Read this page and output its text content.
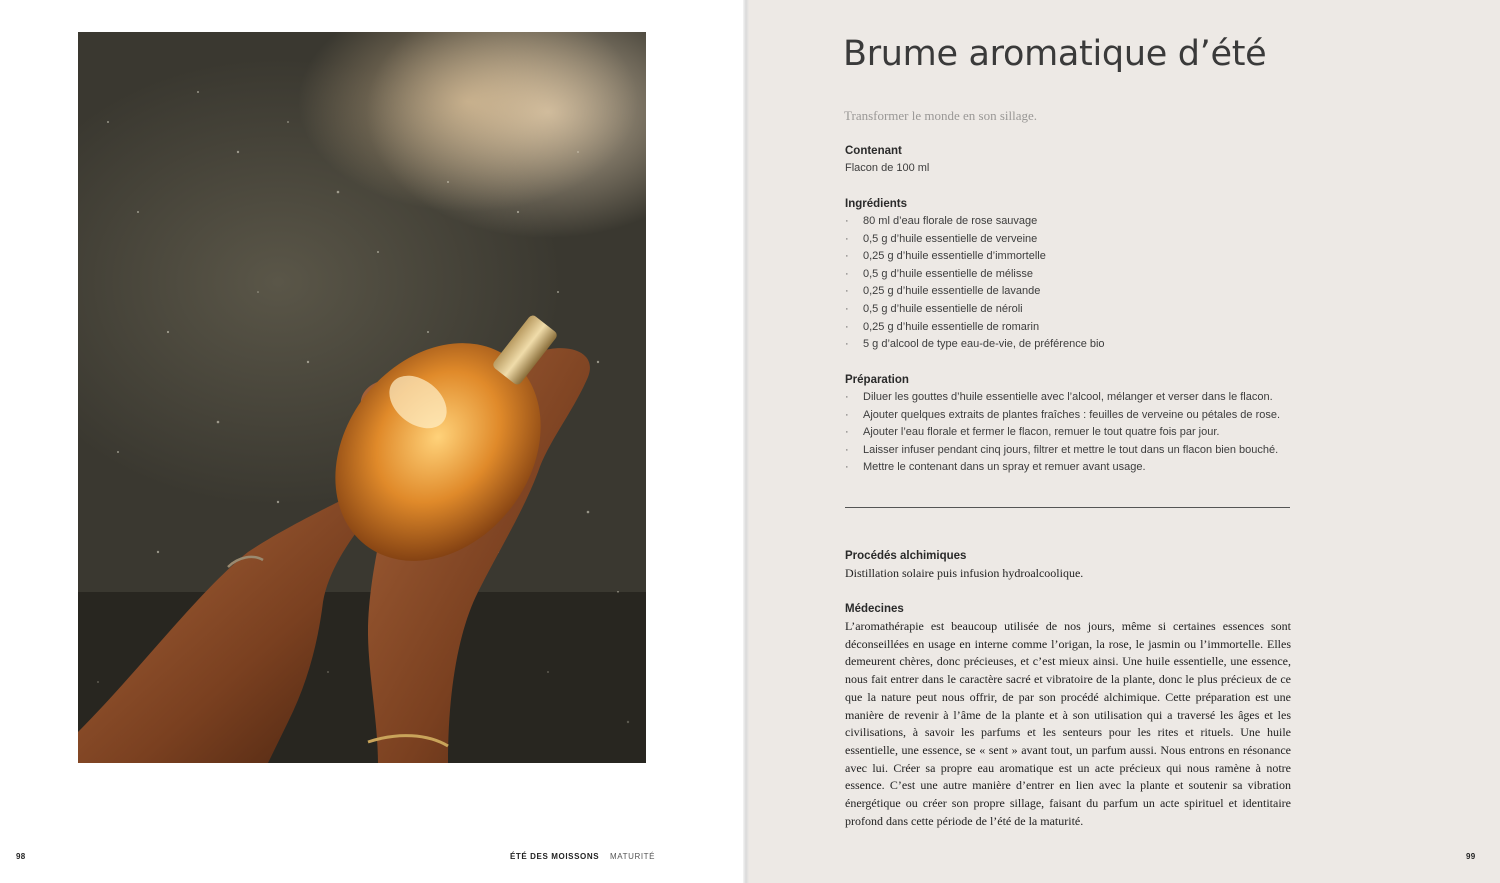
98	ÉTÉ DES MOISSONS MATURITÉ
Brume aromatique d’été
Transformer le monde en son sillage.

Contenant

Flacon de 100 ml

Ingrédients

· 80 ml d’eau florale de rose sauvage
· 0,5 g d’huile essentielle de verveine
· 0,25 g d’huile essentielle d’immortelle
· 0,5 g d’huile essentielle de mélisse
· 0,25 g d’huile essentielle de lavande
· 0,5 g d’huile essentielle de néroli
· 0,25 g d’huile essentielle de romarin
· 5 g d’alcool de type eau-de-vie, de préférence bio

Préparation

· Diluer les gouttes d’huile essentielle avec l’alcool, mélanger et verser dans le flacon.
· Ajouter quelques extraits de plantes fraîches : feuilles de verveine ou pétales de rose.
· Ajouter l’eau florale et fermer le flacon, remuer le tout quatre fois par jour.
· Laisser infuser pendant cinq jours, filtrer et mettre le tout dans un flacon bien bouché.
· Mettre le contenant dans un spray et remuer avant usage.

Procédés alchimiques

Distillation solaire puis infusion hydroalcoolique.

Médecines

L’aromathérapie est beaucoup utilisée de nos jours, même si certaines essences sont déconseillées en usage en interne comme l’origan, la rose, le jasmin ou l’immortelle. Elles demeurent chères, donc précieuses, et c’est mieux ainsi. Une huile essentielle, une essence, nous fait entrer dans le caractère sacré et vibratoire de la plante, donc le plus précieux de ce que la nature peut nous offrir, de par son procédé alchimique. Cette préparation est une manière de revenir à l’âme de la plante et à son utilisation qui a traversé les âges et les civilisations, à savoir les parfums et les senteurs pour les rites et rituels. Une huile essentielle, une essence, se « sent » avant tout, un parfum aussi. Nous entrons en résonance avec lui. Créer sa propre eau aromatique est un acte précieux qui nous ramène à notre essence. C’est une autre manière d’entrer en lien avec la plante et soutenir sa vibration énergétique ou créer son propre sillage, faisant du parfum un acte spirituel et identitaire profond dans cette période de l’été de la maturité.

99
